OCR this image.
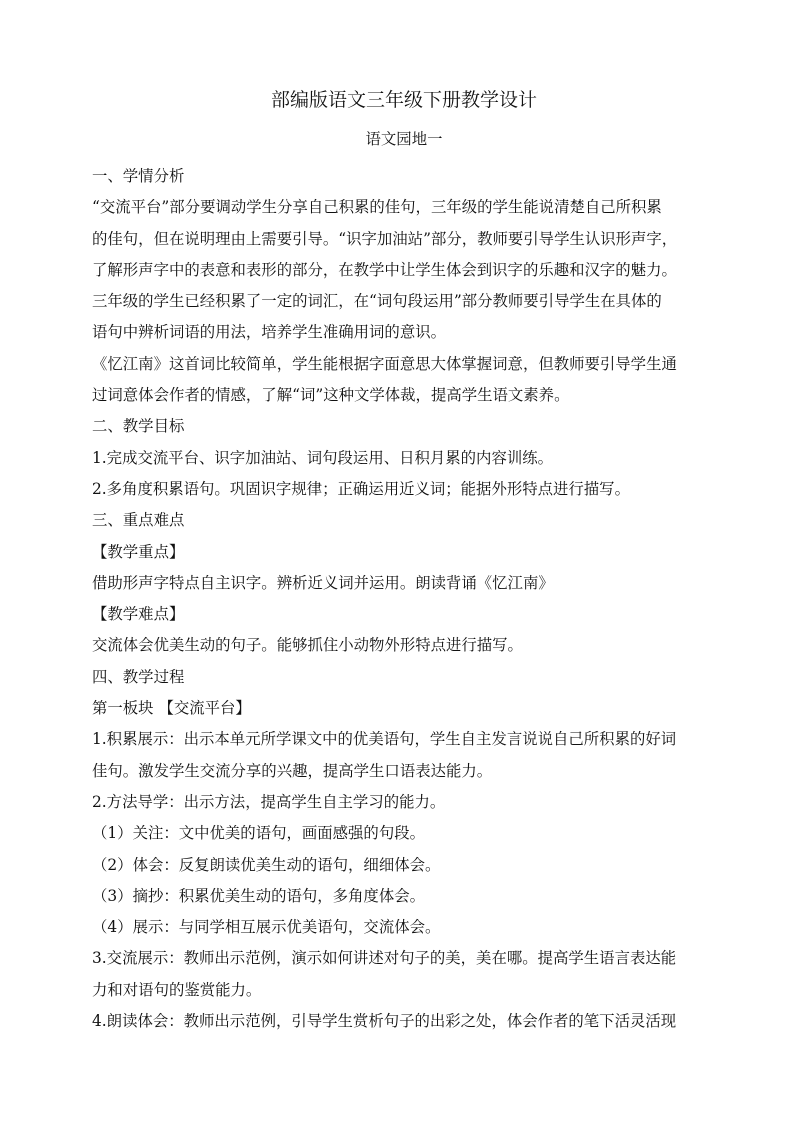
部编版语文三年级下册教学设计
语文园地一

一、学情分析

“交流平台”部分要调动学生分享自己积累的佳句，三年级的学生能说清楚自己所积累

的佳句，但在说明理由上需要引导。“识字加油站”部分，教师要引导学生认识形声字，

了解形声字中的表意和表形的部分，在教学中让学生体会到识字的乐趣和汉字的魅力。

三年级的学生已经积累了一定的词汇，在“词句段运用”部分教师要引导学生在具体的

语句中辨析词语的用法，培养学生准确用词的意识。

《忆江南》这首词比较简单，学生能根据字面意思大体掌握词意，但教师要引导学生通

过词意体会作者的情感，了解“词”这种文学体裁，提高学生语文素养。

二、教学目标

1.完成交流平台、识字加油站、词句段运用、日积月累的内容训练。

2.多角度积累语句。巩固识字规律；正确运用近义词；能据外形特点进行描写。

三、重点难点

【教学重点】

借助形声字特点自主识字。辨析近义词并运用。朗读背诵《忆江南》

【教学难点】

交流体会优美生动的句子。能够抓住小动物外形特点进行描写。

四、教学过程

第一板块 【交流平台】

1.积累展示：出示本单元所学课文中的优美语句，学生自主发言说说自己所积累的好词

佳句。激发学生交流分享的兴趣，提高学生口语表达能力。

2.方法导学：出示方法，提高学生自主学习的能力。

（1）关注：文中优美的语句，画面感强的句段。

（2）体会：反复朗读优美生动的语句，细细体会。

（3）摘抄：积累优美生动的语句，多角度体会。

（4）展示：与同学相互展示优美语句，交流体会。

3.交流展示：教师出示范例，演示如何讲述对句子的美，美在哪。提高学生语言表达能

力和对语句的鉴赏能力。

4.朗读体会：教师出示范例，引导学生赏析句子的出彩之处，体会作者的笔下活灵活现
